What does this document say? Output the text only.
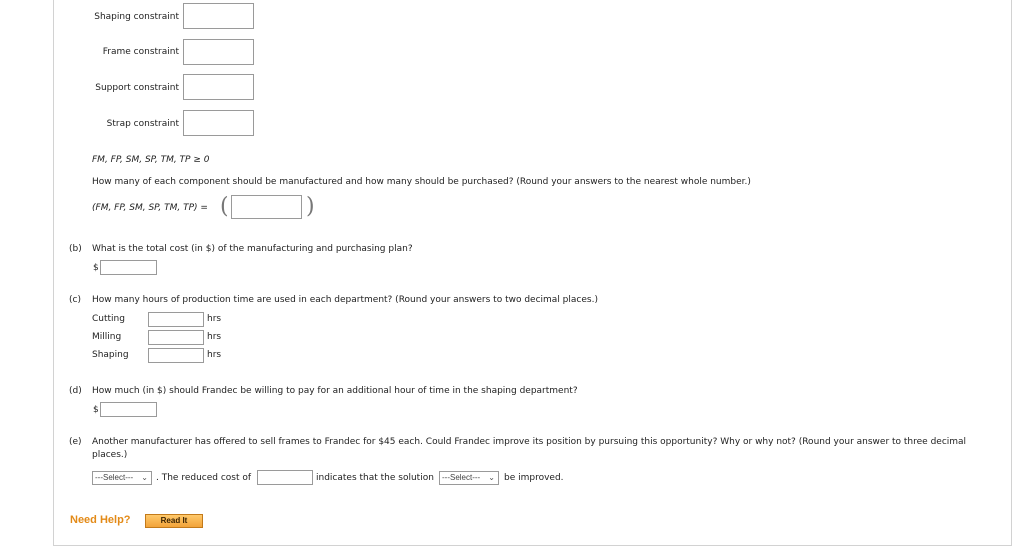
Shaping constraint
Frame constraint
Support constraint
Strap constraint
FM, FP, SM, SP, TM, TP ≥ 0
How many of each component should be manufactured and how many should be purchased? (Round your answers to the nearest whole number.)
(FM, FP, SM, SP, TM, TP) = (	)
(b) What is the total cost (in $) of the manufacturing and purchasing plan?
$
(c) How many hours of production time are used in each department? (Round your answers to two decimal places.)
Cutting	hrs
Milling	hrs
Shaping	hrs
(d) How much (in $) should Frandec be willing to pay for an additional hour of time in the shaping department?
$
(e) Another manufacturer has offered to sell frames to Frandec for $45 each. Could Frandec improve its position by pursuing this opportunity? Why or why not? (Round your answer to three decimal
places.)
---Select--- ⌄ . The reduced cost of	indicates that the solution	---Select--- ⌄ be improved.
Need Help?	Read It
